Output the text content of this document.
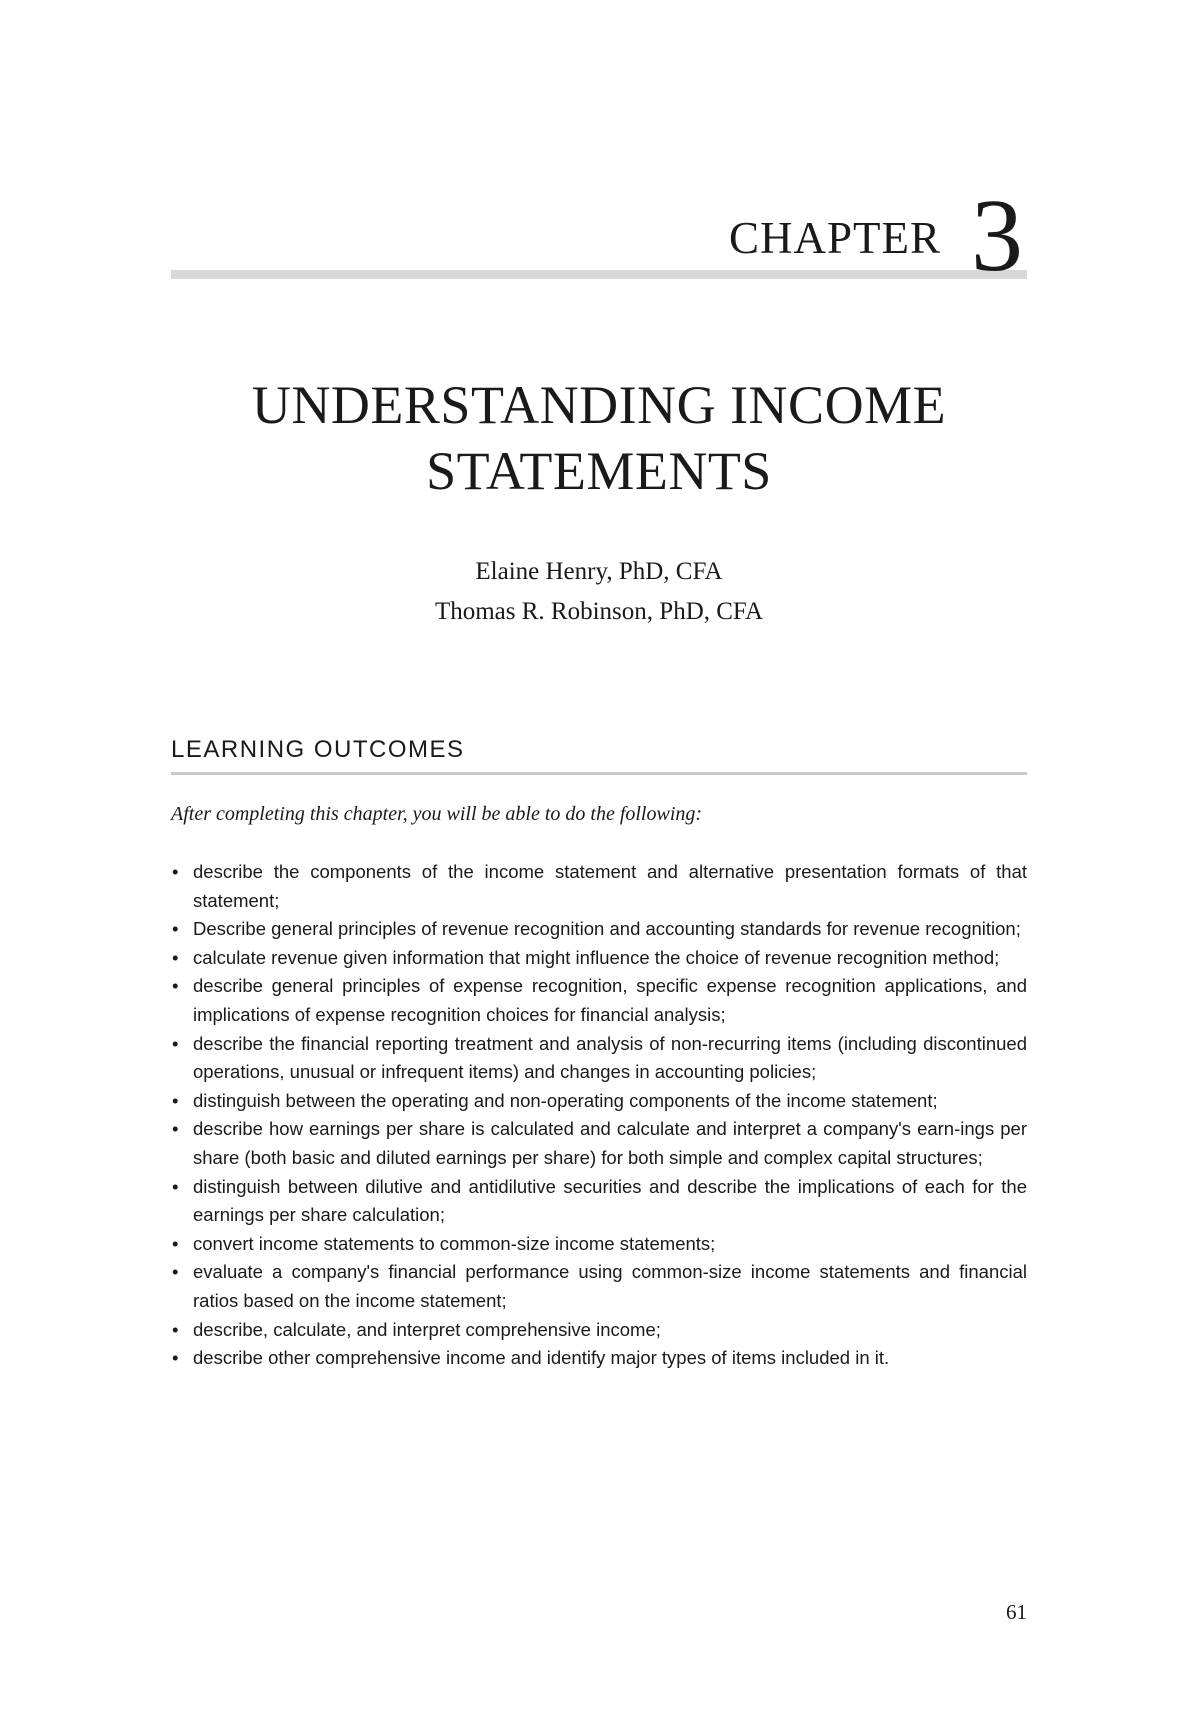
CHAPTER 3
UNDERSTANDING INCOME
STATEMENTS
Elaine Henry, PhD, CFA
Thomas R. Robinson, PhD, CFA
LEARNING OUTCOMES
After completing this chapter, you will be able to do the following:
• describe the components of the income statement and alternative presentation formats of that statement;
• Describe general principles of revenue recognition and accounting standards for revenue recognition;
• calculate revenue given information that might influence the choice of revenue recognition method;
• describe general principles of expense recognition, specific expense recognition applications, and implications of expense recognition choices for financial analysis;
• describe the financial reporting treatment and analysis of non-recurring items (including discontinued operations, unusual or infrequent items) and changes in accounting policies;
• distinguish between the operating and non-operating components of the income statement;
• describe how earnings per share is calculated and calculate and interpret a company's earn-ings per share (both basic and diluted earnings per share) for both simple and complex capital structures;
• distinguish between dilutive and antidilutive securities and describe the implications of each for the earnings per share calculation;
• convert income statements to common-size income statements;
• evaluate a company's financial performance using common-size income statements and financial ratios based on the income statement;
• describe, calculate, and interpret comprehensive income;
• describe other comprehensive income and identify major types of items included in it.
61
